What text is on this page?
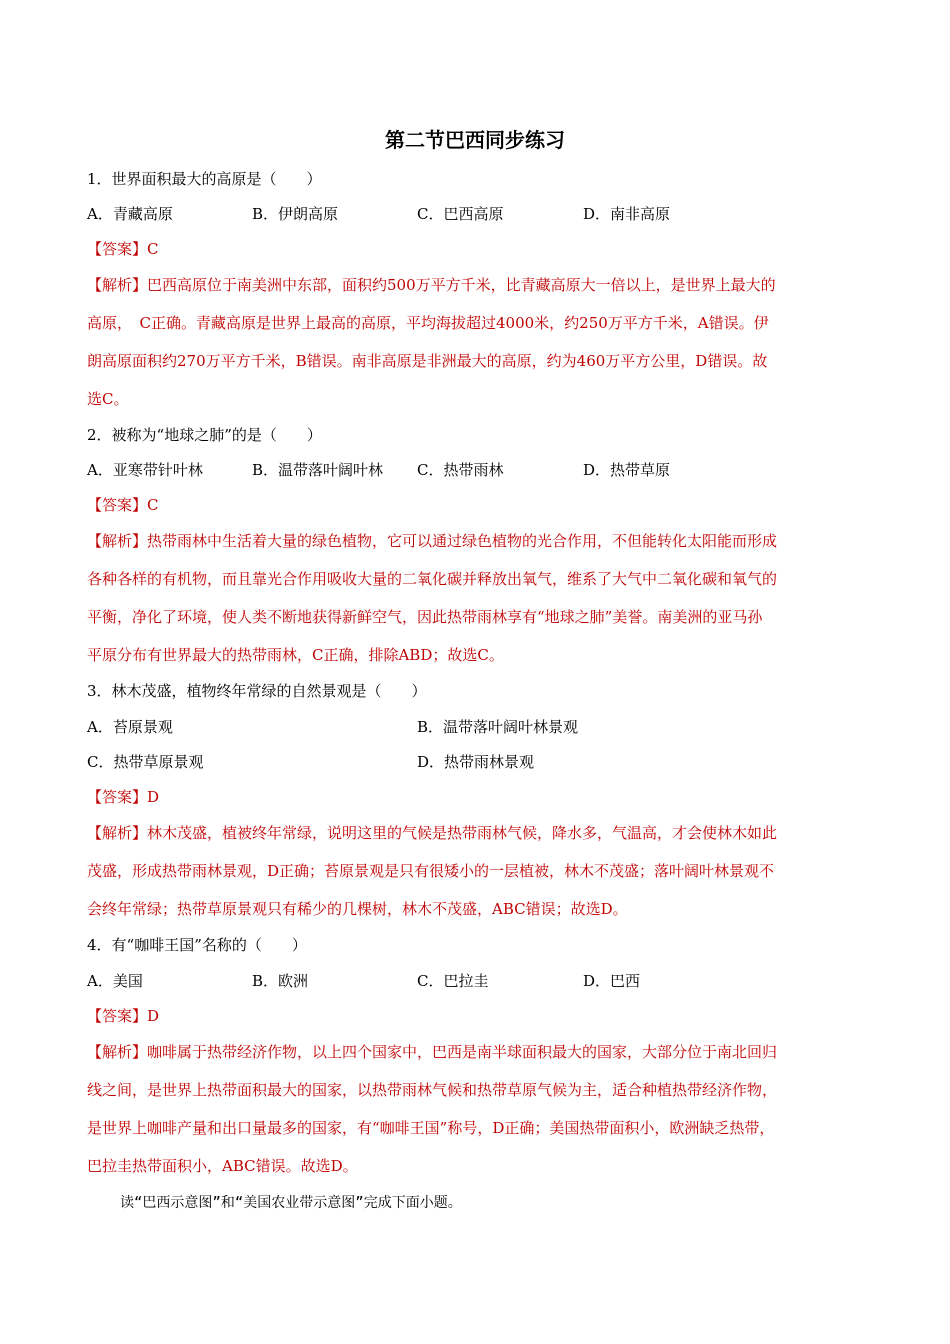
第二节巴西同步练习
1．世界面积最大的高原是（　　）
A．青藏高原	B．伊朗高原	C．巴西高原	D．南非高原
【答案】C
【解析】巴西高原位于南美洲中东部，面积约500万平方千米，比青藏高原大一倍以上，是世界上最大的
高原，　C正确。青藏高原是世界上最高的高原，平均海拔超过4000米，约250万平方千米，A错误。伊
朗高原面积约270万平方千米，B错误。南非高原是非洲最大的高原，约为460万平方公里，D错误。故
选C。
2．被称为“地球之肺”的是（　　）
A．亚寒带针叶林	B．温带落叶阔叶林 C．热带雨林	D．热带草原
【答案】C
【解析】热带雨林中生活着大量的绿色植物，它可以通过绿色植物的光合作用，不但能转化太阳能而形成
各种各样的有机物，而且靠光合作用吸收大量的二氧化碳并释放出氧气，维系了大气中二氧化碳和氧气的
平衡，净化了环境，使人类不断地获得新鲜空气，因此热带雨林享有“地球之肺”美誉。南美洲的亚马孙
平原分布有世界最大的热带雨林，C正确，排除ABD；故选C。
3．林木茂盛，植物终年常绿的自然景观是（　　）
A．苔原景观	B．温带落叶阔叶林景观
C．热带草原景观	D．热带雨林景观
【答案】D
【解析】林木茂盛，植被终年常绿，说明这里的气候是热带雨林气候，降水多，气温高，才会使林木如此
茂盛，形成热带雨林景观，D正确；苔原景观是只有很矮小的一层植被，林木不茂盛；落叶阔叶林景观不
会终年常绿；热带草原景观只有稀少的几棵树，林木不茂盛，ABC错误；故选D。
4．有“咖啡王国”名称的（　　）
A．美国	B．欧洲	C．巴拉圭	D．巴西
【答案】D
【解析】咖啡属于热带经济作物，以上四个国家中，巴西是南半球面积最大的国家，大部分位于南北回归
线之间，是世界上热带面积最大的国家，以热带雨林气候和热带草原气候为主，适合种植热带经济作物，
是世界上咖啡产量和出口量最多的国家，有“咖啡王国”称号，D正确；美国热带面积小，欧洲缺乏热带，
巴拉圭热带面积小，ABC错误。故选D。
读“巴西示意图”和“美国农业带示意图”完成下面小题。
